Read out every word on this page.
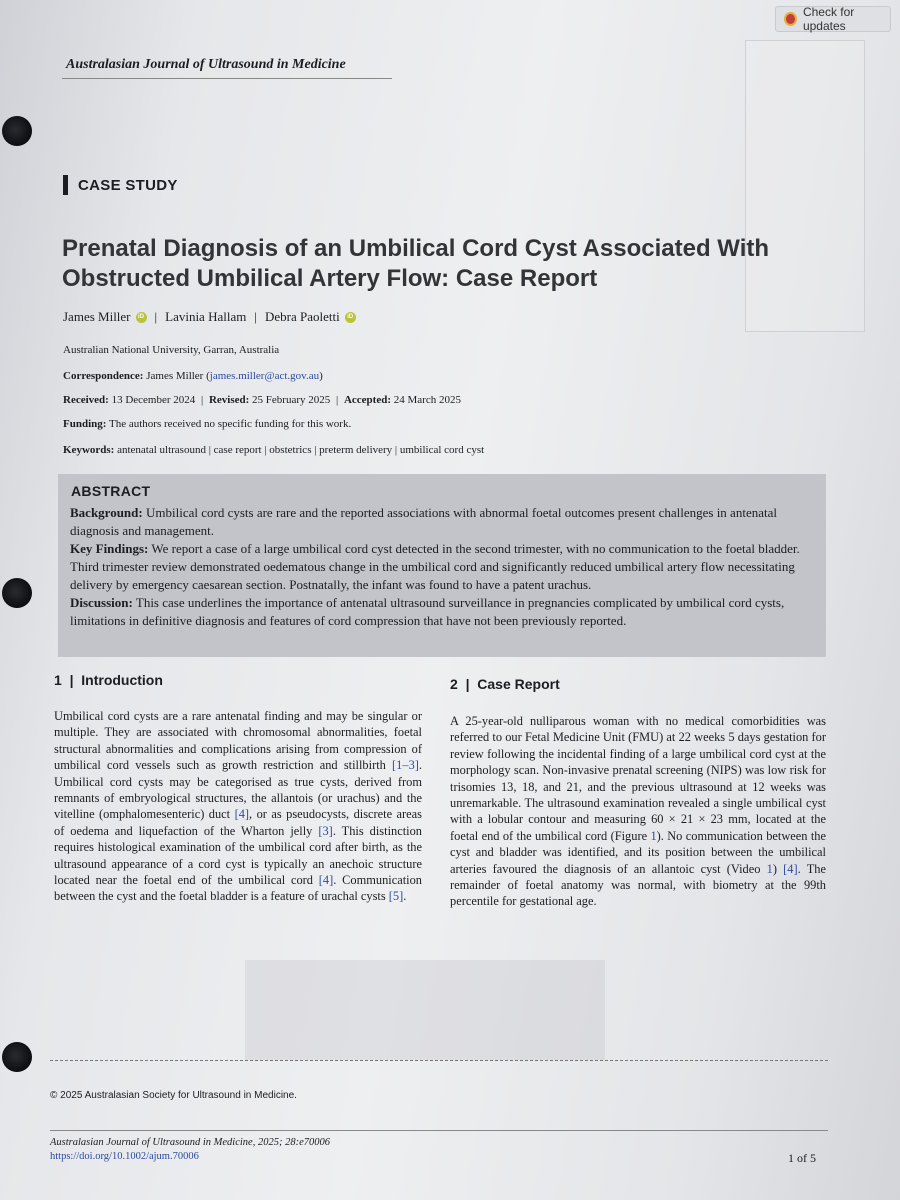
Check for updates
Australasian Journal of Ultrasound in Medicine
CASE STUDY
Prenatal Diagnosis of an Umbilical Cord Cyst Associated With Obstructed Umbilical Artery Flow: Case Report
James Miller	iD | Lavinia Hallam | Debra Paoletti	iD
Australian National University, Garran, Australia
Correspondence: James Miller (james.miller@act.gov.au)
Received: 13 December 2024 | Revised: 25 February 2025 | Accepted: 24 March 2025
Funding: The authors received no specific funding for this work.
Keywords: antenatal ultrasound | case report | obstetrics | preterm delivery | umbilical cord cyst
ABSTRACT

Background: Umbilical cord cysts are rare and the reported associations with abnormal foetal outcomes present challenges in antenatal diagnosis and management.

Key Findings: We report a case of a large umbilical cord cyst detected in the second trimester, with no communication to the foetal bladder. Third trimester review demonstrated oedematous change in the umbilical cord and significantly reduced umbilical artery flow necessitating delivery by emergency caesarean section. Postnatally, the infant was found to have a patent urachus.

Discussion: This case underlines the importance of antenatal ultrasound surveillance in pregnancies complicated by umbilical cord cysts, limitations in definitive diagnosis and features of cord compression that have not been previously reported.

1  |  Introduction	2  |  Case Report

Umbilical cord cysts are a rare antenatal finding and may be singular or multiple. They are associated with chromosomal abnormalities, foetal structural abnormalities and complications arising from compression of umbilical cord vessels such as growth restriction and stillbirth [1–3]. Umbilical cord cysts may be categorised as true cysts, derived from remnants of embryological structures, the allantois (or urachus) and the vitelline (omphalomesenteric) duct [4], or as pseudocysts, discrete areas of oedema and liquefaction of the Wharton jelly [3]. This distinction requires histological examination of the umbilical cord after birth, as the ultrasound appearance of a cord cyst is typically an anechoic structure located near the foetal end of the umbilical cord [4]. Communication between the cyst and the foetal bladder is a feature of urachal cysts [5].

A 25-year-old nulliparous woman with no medical comorbidities was referred to our Fetal Medicine Unit (FMU) at 22 weeks 5 days gestation for review following the incidental finding of a large umbilical cord cyst at the morphology scan. Non-invasive prenatal screening (NIPS) was low risk for trisomies 13, 18, and 21, and the previous ultrasound at 12 weeks was unremarkable. The ultrasound examination revealed a single umbilical cyst with a lobular contour and measuring 60 × 21 × 23 mm, located at the foetal end of the umbilical cord (Figure 1). No communication between the cyst and bladder was identified, and its position between the umbilical arteries favoured the diagnosis of an allantoic cyst (Video 1) [4]. The remainder of foetal anatomy was normal, with biometry at the 99th percentile for gestational age.

© 2025 Australasian Society for Ultrasound in Medicine.
Australasian Journal of Ultrasound in Medicine, 2025; 28:e70006
https://doi.org/10.1002/ajum.70006	1 of 5
